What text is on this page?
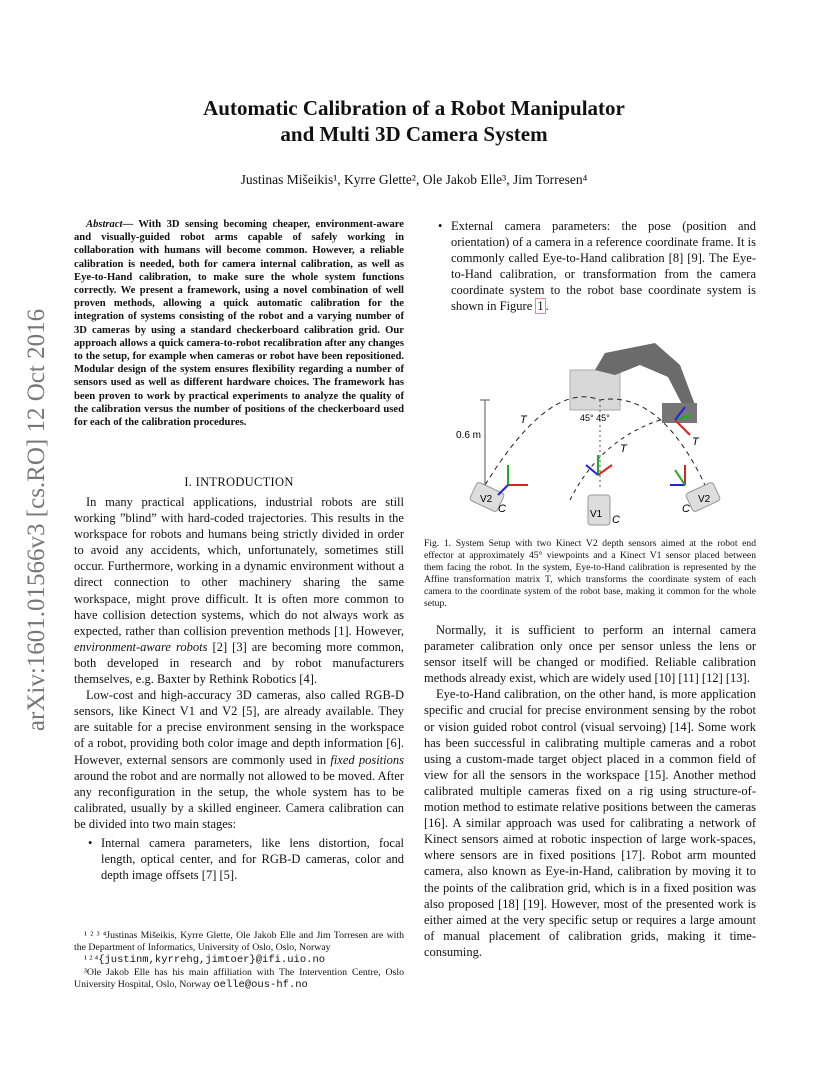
arXiv:1601.01566v3 [cs.RO] 12 Oct 2016
Automatic Calibration of a Robot Manipulator
and Multi 3D Camera System
Justinas Mišeikis¹, Kyrre Glette², Ole Jakob Elle³, Jim Torresen⁴
Abstract— With 3D sensing becoming cheaper, environment-aware and visually-guided robot arms capable of safely working in collaboration with humans will become common. However, a reliable calibration is needed, both for camera internal calibration, as well as Eye-to-Hand calibration, to make sure the whole system functions correctly. We present a framework, using a novel combination of well proven methods, allowing a quick automatic calibration for the integration of systems consisting of the robot and a varying number of 3D cameras by using a standard checkerboard calibration grid. Our approach allows a quick camera-to-robot recalibration after any changes to the setup, for example when cameras or robot have been repositioned. Modular design of the system ensures flexibility regarding a number of sensors used as well as different hardware choices. The framework has been proven to work by practical experiments to analyze the quality of the calibration versus the number of positions of the checkerboard used for each of the calibration procedures.
I. INTRODUCTION

In many practical applications, industrial robots are still working ”blind” with hard-coded trajectories. This results in the workspace for robots and humans being strictly divided in order to avoid any accidents, which, unfortunately, sometimes still occur. Furthermore, working in a dynamic environment without a direct connection to other machinery sharing the same workspace, might prove difficult. It is often more common to have collision detection systems, which do not always work as expected, rather than collision prevention methods [1]. However, environment-aware robots [2] [3] are becoming more common, both developed in research and by robot manufacturers themselves, e.g. Baxter by Rethink Robotics [4].

Low-cost and high-accuracy 3D cameras, also called RGB-D sensors, like Kinect V1 and V2 [5], are already available. They are suitable for a precise environment sensing in the workspace of a robot, providing both color image and depth information [6]. However, external sensors are commonly used in fixed positions around the robot and are normally not allowed to be moved. After any reconfiguration in the setup, the whole system has to be calibrated, usually by a skilled engineer. Camera calibration can be divided into two main stages:

• Internal camera parameters, like lens distortion, focal length, optical center, and for RGB-D cameras, color and depth image offsets [7] [5].
¹ ² ³ ⁴Justinas Mišeikis, Kyrre Glette, Ole Jakob Elle and Jim Torresen are with the Department of Informatics, University of Oslo, Oslo, Norway
¹ ² ⁴{justinm,kyrrehg,jimtoer}@ifi.uio.no
³Ole Jakob Elle has his main affiliation with The Intervention Centre, Oslo University Hospital, Oslo, Norway oelle@ous-hf.no
• External camera parameters: the pose (position and orientation) of a camera in a reference coordinate frame. It is commonly called Eye-to-Hand calibration [8] [9]. The Eye-to-Hand calibration, or transformation from the camera coordinate system to the robot base coordinate system is shown in Figure 1 .
0.6 m
45° 45°
T
T
T
V2
V1
V2
C
C
C
Fig. 1. System Setup with two Kinect V2 depth sensors aimed at the robot end effector at approximately 45° viewpoints and a Kinect V1 sensor placed between them facing the robot. In the system, Eye-to-Hand calibration is represented by the Affine transformation matrix T, which transforms the coordinate system of each camera to the coordinate system of the robot base, making it common for the whole setup.

Normally, it is sufficient to perform an internal camera parameter calibration only once per sensor unless the lens or sensor itself will be changed or modified. Reliable calibration methods already exist, which are widely used [10] [11] [12] [13].

Eye-to-Hand calibration, on the other hand, is more application specific and crucial for precise environment sensing by the robot or vision guided robot control (visual servoing) [14]. Some work has been successful in calibrating multiple cameras and a robot using a custom-made target object placed in a common field of view for all the sensors in the workspace [15]. Another method calibrated multiple cameras fixed on a rig using structure-of-motion method to estimate relative positions between the cameras [16]. A similar approach was used for calibrating a network of Kinect sensors aimed at robotic inspection of large work-spaces, where sensors are in fixed positions [17]. Robot arm mounted camera, also known as Eye-in-Hand, calibration by moving it to the points of the calibration grid, which is in a fixed position was also proposed [18] [19]. However, most of the presented work is either aimed at the very specific setup or requires a large amount of manual placement of calibration grids, making it time-consuming.
